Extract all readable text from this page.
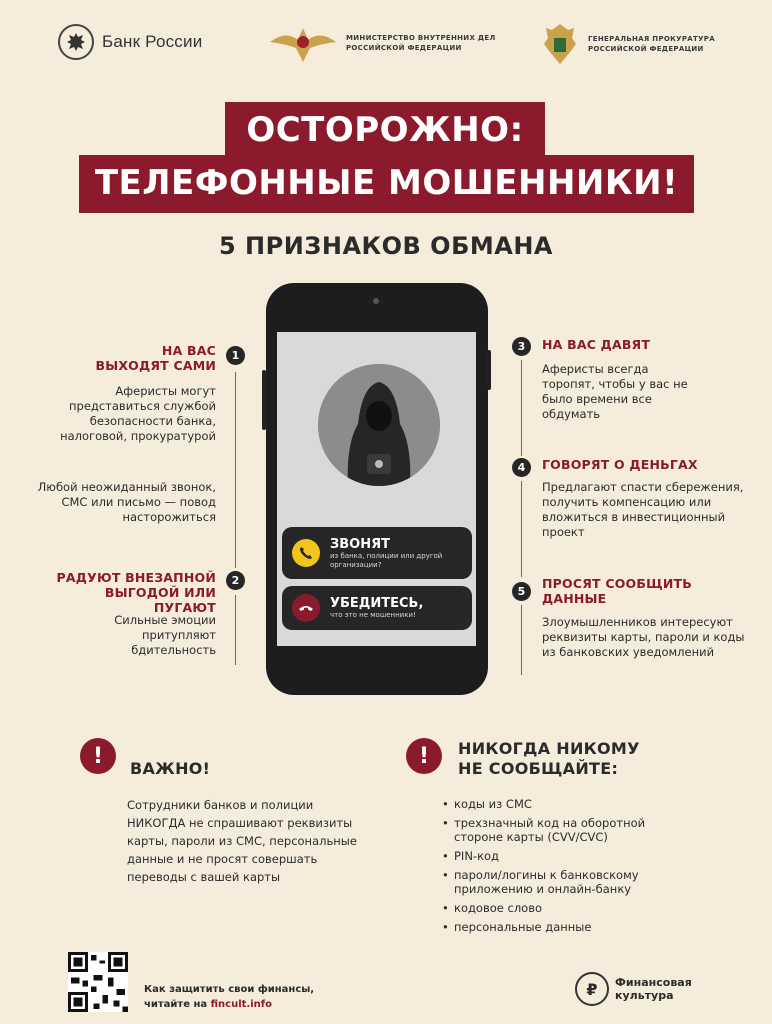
Банк России	МИНИСТЕРСТВО ВНУТРЕННИХ ДЕЛ РОССИЙСКОЙ ФЕДЕРАЦИИ
ГЕНЕРАЛЬНАЯ ПРОКУРАТУРА РОССИЙСКОЙ ФЕДЕРАЦИИ
ОСТОРОЖНО:
ТЕЛЕФОННЫЕ МОШЕННИКИ!
5 ПРИЗНАКОВ ОБМАНА
ЗВОНЯТ
из банка, полиции или другой организации?
УБЕДИТЕСЬ,
что это не мошенники!
1
НА ВАС ВЫХОДЯТ САМИ
Аферисты могут представиться службой безопасности банка, налоговой, прокуратурой
Любой неожиданный звонок, СМС или письмо — повод насторожиться
2
РАДУЮТ ВНЕЗАПНОЙ ВЫГОДОЙ ИЛИ ПУГАЮТ
Сильные эмоции притупляют бдительность
3	НА ВАС ДАВЯТ
Аферисты всегда торопят, чтобы у вас не было времени все обдумать
4	ГОВОРЯТ О ДЕНЬГАХ
Предлагают спасти сбережения, получить компенсацию или вложиться в инвестиционный проект
5
ПРОСЯТ СООБЩИТЬ ДАННЫЕ
Злоумышленников интересуют реквизиты карты, пароли и коды из банковских уведомлений
!	ВАЖНО!
Сотрудники банков и полиции НИКОГДА не спрашивают реквизиты карты, пароли из СМС, персональные данные и не просят совершать переводы с вашей карты
!	НИКОГДА НИКОМУ
НЕ СООБЩАЙТЕ:
• коды из СМС
• трехзначный код на оборотной стороне карты (CVV/CVC)
• PIN-код
• пароли/логины к банковскому приложению и онлайн-банку
• кодовое слово
• персональные данные
Как защитить свои финансы,
читайте на fincult.info
₽	Финансовая
культура
